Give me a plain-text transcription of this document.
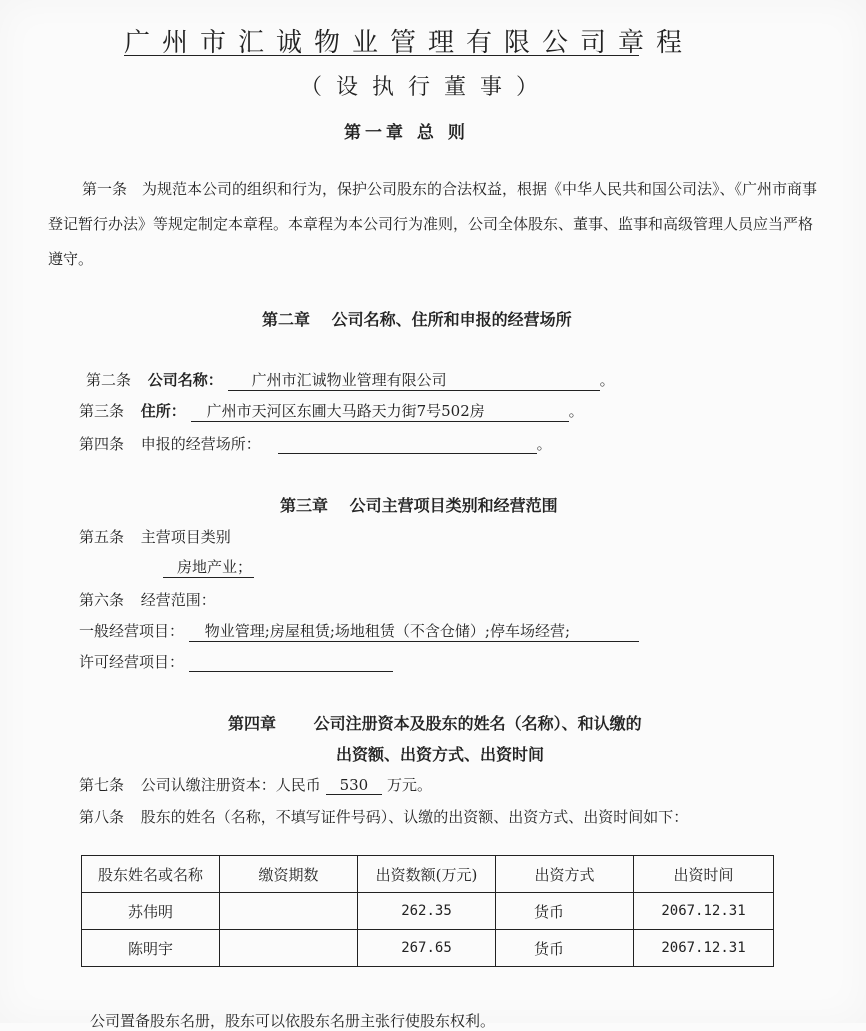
广州市汇诚物业管理有限公司章程
（设执行董事）
第一章 总 则
第一条　为规范本公司的组织和行为，保护公司股东的合法权益，根据《中华人民共和国公司法》、《广州市商事登记暂行办法》等规定制定本章程。本章程为本公司行为准则，公司全体股东、董事、监事和高级管理人员应当严格遵守。
第二章　 公司名称、住所和申报的经营场所
第二条 公司名称： 广州市汇诚物业管理有限公司	。
第三条 住所： 广州市天河区东圃大马路天力街7号502房	。
第四条 申报的经营场所：	。
第三章　 公司主营项目类别和经营范围
第五条 主营项目类别
房地产业；
第六条 经营范围：
一般经营项目： 物业管理;房屋租赁;场地租赁（不含仓储）;停车场经营;
许可经营项目：
第四章　　 公司注册资本及股东的姓名（名称）、和认缴的
出资额、出资方式、出资时间
第七条 公司认缴注册资本：人民币 530 万元。
第八条 股东的姓名（名称，不填写证件号码）、认缴的出资额、出资方式、出资时间如下：
股东姓名或名称	缴资期数	出资数额(万元)	出资方式	出资时间
苏伟明		262.35	货币	2067.12.31
陈明宇		267.65	货币	2067.12.31
公司置备股东名册，股东可以依股东名册主张行使股东权利。
